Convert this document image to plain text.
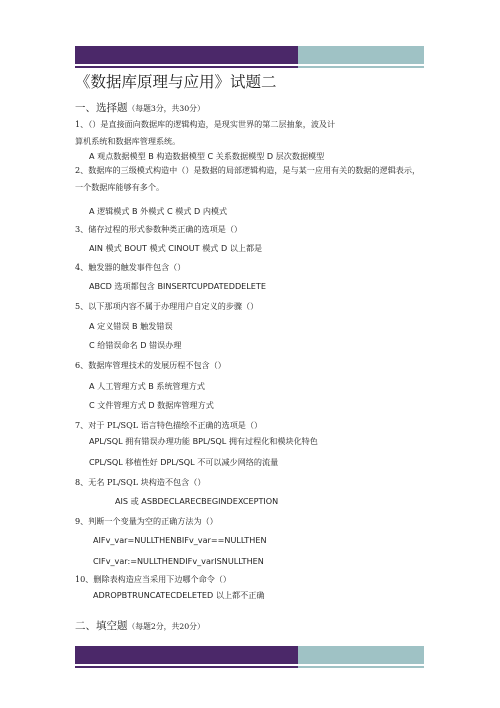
《数据库原理与应用》试题二
一、选择题（每题3分，共30分）
1、（）是直接面向数据库的逻辑构造，是现实世界的第二层抽象，波及计算机系统和数据库管理系统。
A 观点数据模型 B 构造数据模型 C 关系数据模型 D 层次数据模型
2、数据库的三级模式构造中（）是数据的局部逻辑构造，是与某一应用有关的数据的逻辑表示，一个数据库能够有多个。
A 逻辑模式 B 外模式 C 模式 D 内模式
3、储存过程的形式参数种类正确的选项是（）
AIN 模式 BOUT 模式 CINOUT 模式 D 以上都是
4、触发器的触发事件包含（）
ABCD 选项都包含 BINSERTCUPDATEDDELETE
5、以下那项内容不属于办理用户自定义的步骤（）
A 定义错误 B 触发错误
C 给错误命名 D 错误办理
6、数据库管理技术的发展历程不包含（）
A 人工管理方式 B 系统管理方式
C 文件管理方式 D 数据库管理方式
7、对于 PL/SQL 语言特色描绘不正确的选项是（）
APL/SQL 拥有错误办理功能 BPL/SQL 拥有过程化和模块化特色
CPL/SQL 移植性好 DPL/SQL 不可以减少网络的流量
8、无名 PL/SQL 块构造不包含（）
AIS 或 ASBDECLARECBEGINDEXCEPTION
9、判断一个变量为空的正确方法为（）
AIFv_var=NULLTHENBIFv_var==NULLTHEN
CIFv_var:=NULLTHENDIFv_varISNULLTHEN
10、删除表构造应当采用下边哪个命令（）
ADROPBTRUNCATECDELETED 以上都不正确
二、填空题（每题2分，共20分）
